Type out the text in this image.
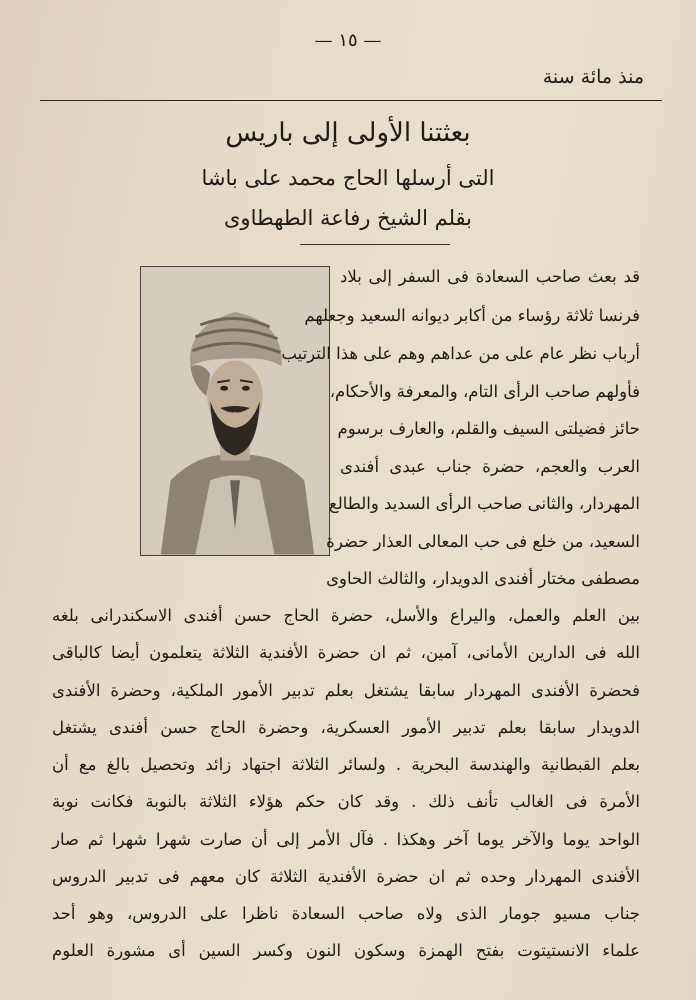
— ١٥ —
منذ مائة سنة
بعثتنا الأولى إلى باريس
التى أرسلها الحاج محمد على باشا
بقلم الشيخ رفاعة الطهطاوى
قد بعث صاحب السعادة فى السفر إلى بلاد
فرنسا ثلاثة رؤساء من أكابر ديوانه السعيد وجعلهم
أرباب نظر عام على من عداهم وهم على هذا الترتيب
فأولهم صاحب الرأى التام، والمعرفة والأحكام،
حائز فضيلتى السيف والقلم، والعارف برسوم
العرب والعجم، حضرة جناب عبدى أفندى
المهردار، والثانى صاحب الرأى السديد والطالع
السعيد، من خلع فى حب المعالى العذار حضرة
مصطفى مختار أفندى الدويدار، والثالث الحاوى
بين العلم والعمل، واليراع والأسل، حضرة الحاج حسن أفندى الاسكندرانى بلغه
الله فى الدارين الأمانى، آمين، ثم ان حضرة الأفندية الثلاثة يتعلمون أيضا كالباقى
فحضرة الأفندى المهردار سابقا يشتغل بعلم تدبير الأمور الملكية، وحضرة الأفندى
الدويدار سابقا بعلم تدبير الأمور العسكرية، وحضرة الحاج حسن أفندى يشتغل
بعلم القبطانية والهندسة البحرية . ولسائر الثلاثة اجتهاد زائد وتحصيل بالغ مع أن
الأمرة فى الغالب تأنف ذلك . وقد كان حكم هؤلاء الثلاثة بالنوبة فكانت نوبة
الواحد يوما والآخر يوما آخر وهكذا . فآل الأمر إلى أن صارت شهرا شهرا ثم صار
الأفندى المهردار وحده ثم ان حضرة الأفندية الثلاثة كان معهم فى تدبير الدروس
جناب مسيو جومار الذى ولاه صاحب السعادة ناظرا على الدروس، وهو أحد
علماء الانستيتوت بفتح الهمزة وسكون النون وكسر السين أى مشورة العلوم
